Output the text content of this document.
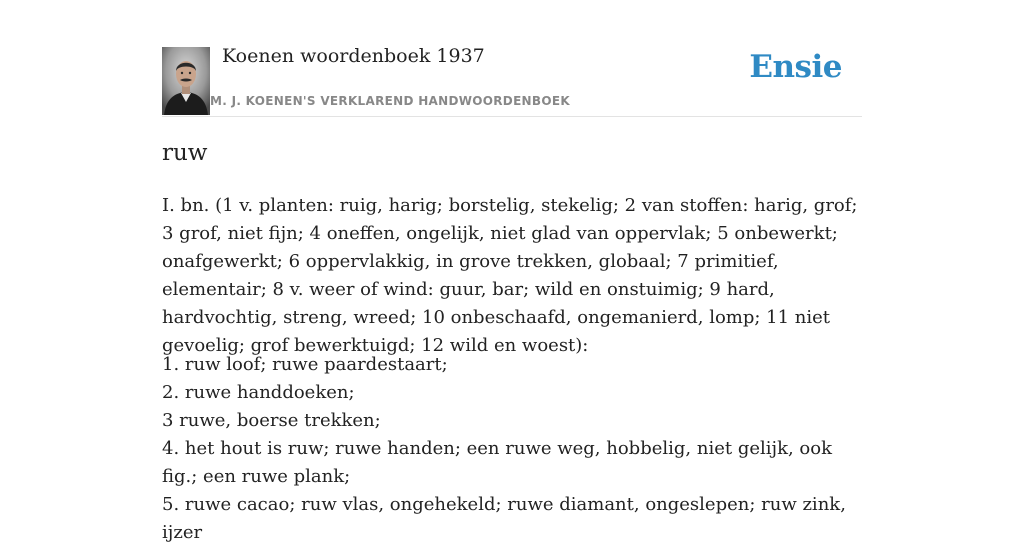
Koenen woordenboek 1937
M. J. KOENEN'S VERKLAREND HANDWOORDENBOEK
Ensie
ruw

I. bn. (1 v. planten: ruig, harig; borstelig, stekelig; 2 van stoffen: harig, grof; 3 grof, niet fijn; 4 oneffen, ongelijk, niet glad van oppervlak; 5 onbewerkt; onafgewerkt; 6 oppervlakkig, in grove trekken, globaal; 7 primitief, elementair; 8 v. weer of wind: guur, bar; wild en onstuimig; 9 hard, hardvochtig, streng, wreed; 10 onbeschaafd, ongemanierd, lomp; 11 niet gevoelig; grof bewerktuigd; 12 wild en woest):

1. ruw loof; ruwe paardestaart;
2. ruwe handdoeken;
3 ruwe, boerse trekken;
4. het hout is ruw; ruwe handen; een ruwe weg, hobbelig, niet gelijk, ook fig.; een ruwe plank;
5. ruwe cacao; ruw vlas, ongehekeld; ruwe diamant, ongeslepen; ruw zink, ijzer
